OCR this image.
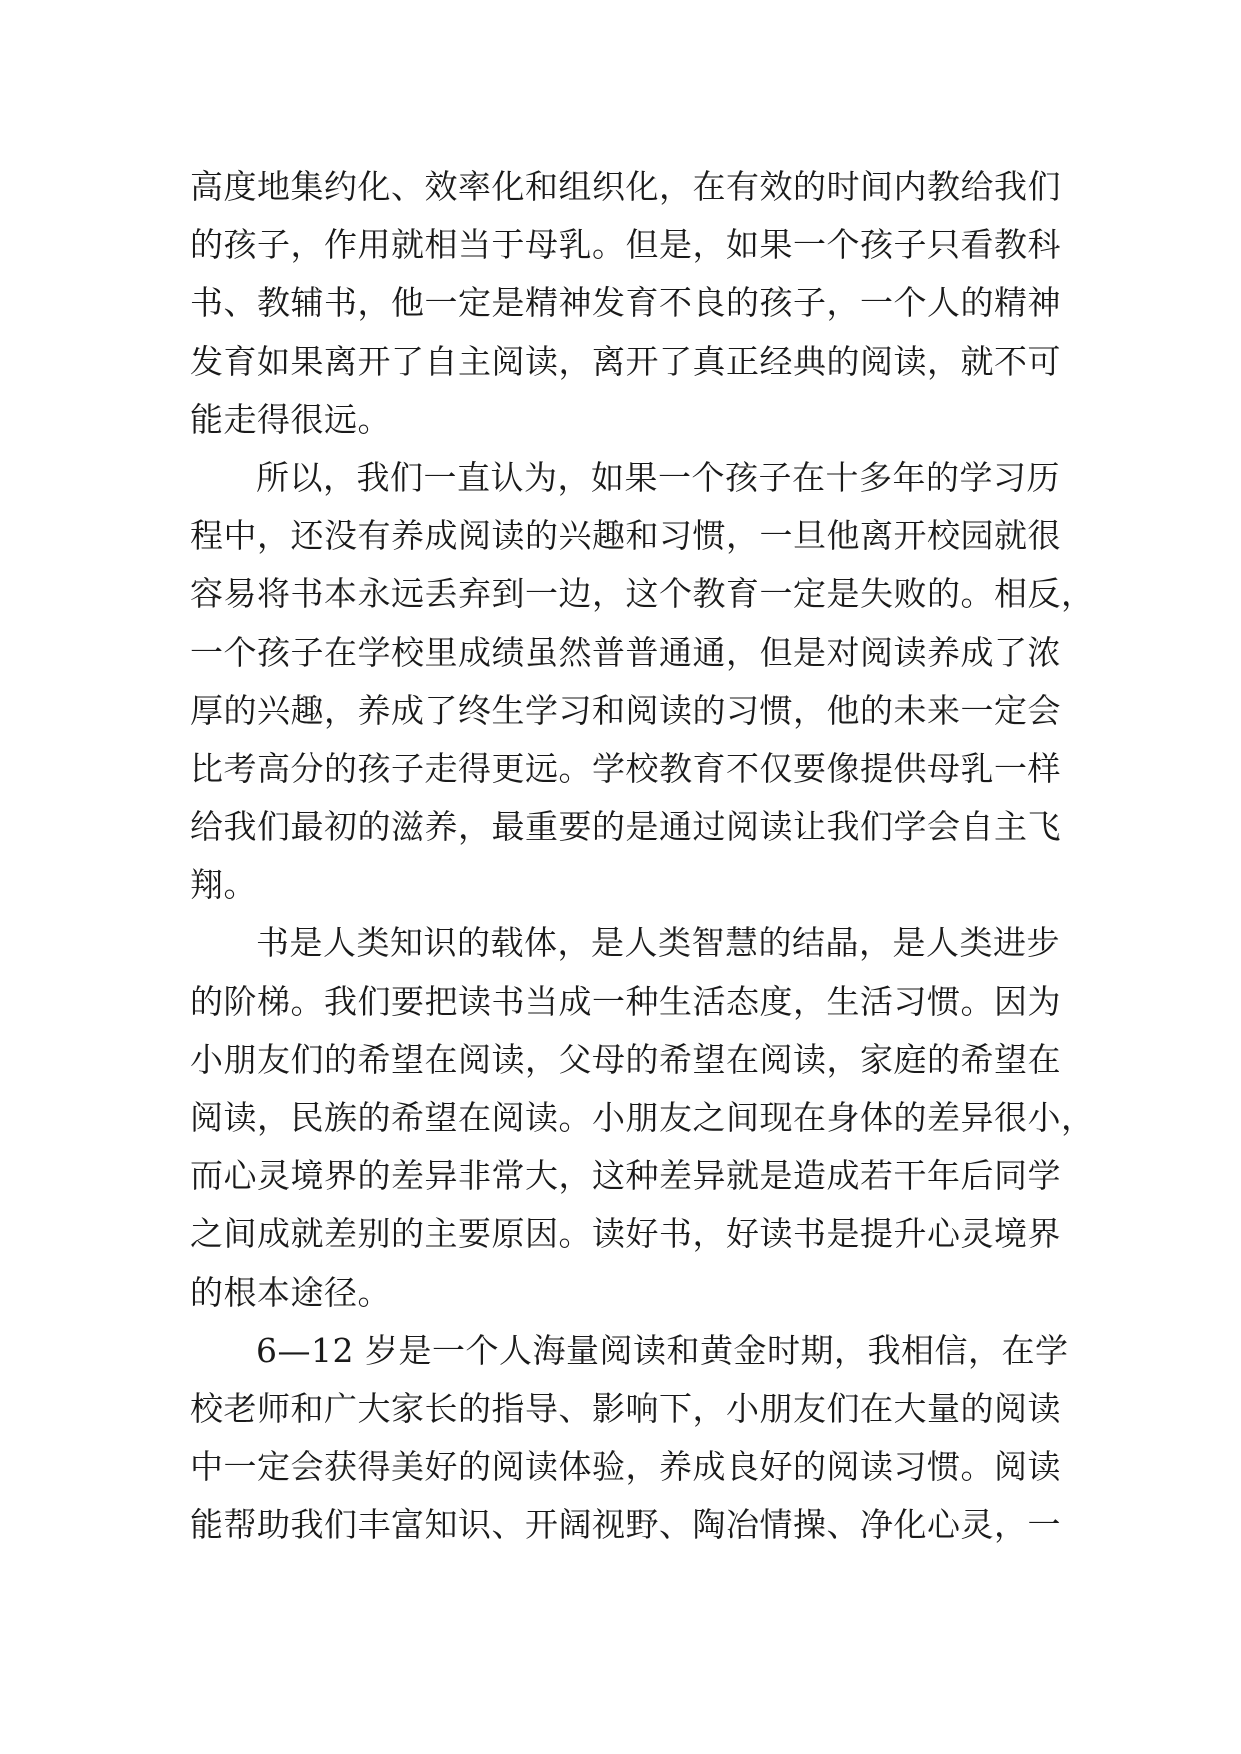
高度地集约化、效率化和组织化，在有效的时间内教给我们
的孩子，作用就相当于母乳。但是，如果一个孩子只看教科
书、教辅书，他一定是精神发育不良的孩子，一个人的精神
发育如果离开了自主阅读，离开了真正经典的阅读，就不可
能走得很远。
所以，我们一直认为，如果一个孩子在十多年的学习历
程中，还没有养成阅读的兴趣和习惯，一旦他离开校园就很
容易将书本永远丢弃到一边，这个教育一定是失败的。相反，
一个孩子在学校里成绩虽然普普通通，但是对阅读养成了浓
厚的兴趣，养成了终生学习和阅读的习惯，他的未来一定会
比考高分的孩子走得更远。学校教育不仅要像提供母乳一样
给我们最初的滋养，最重要的是通过阅读让我们学会自主飞
翔。
书是人类知识的载体，是人类智慧的结晶，是人类进步
的阶梯。我们要把读书当成一种生活态度，生活习惯。因为
小朋友们的希望在阅读，父母的希望在阅读，家庭的希望在
阅读，民族的希望在阅读。小朋友之间现在身体的差异很小，
而心灵境界的差异非常大，这种差异就是造成若干年后同学
之间成就差别的主要原因。读好书，好读书是提升心灵境界
的根本途径。
6—12 岁是一个人海量阅读和黄金时期，我相信，在学
校老师和广大家长的指导、影响下，小朋友们在大量的阅读
中一定会获得美好的阅读体验，养成良好的阅读习惯。阅读
能帮助我们丰富知识、开阔视野、陶冶情操、净化心灵，一
